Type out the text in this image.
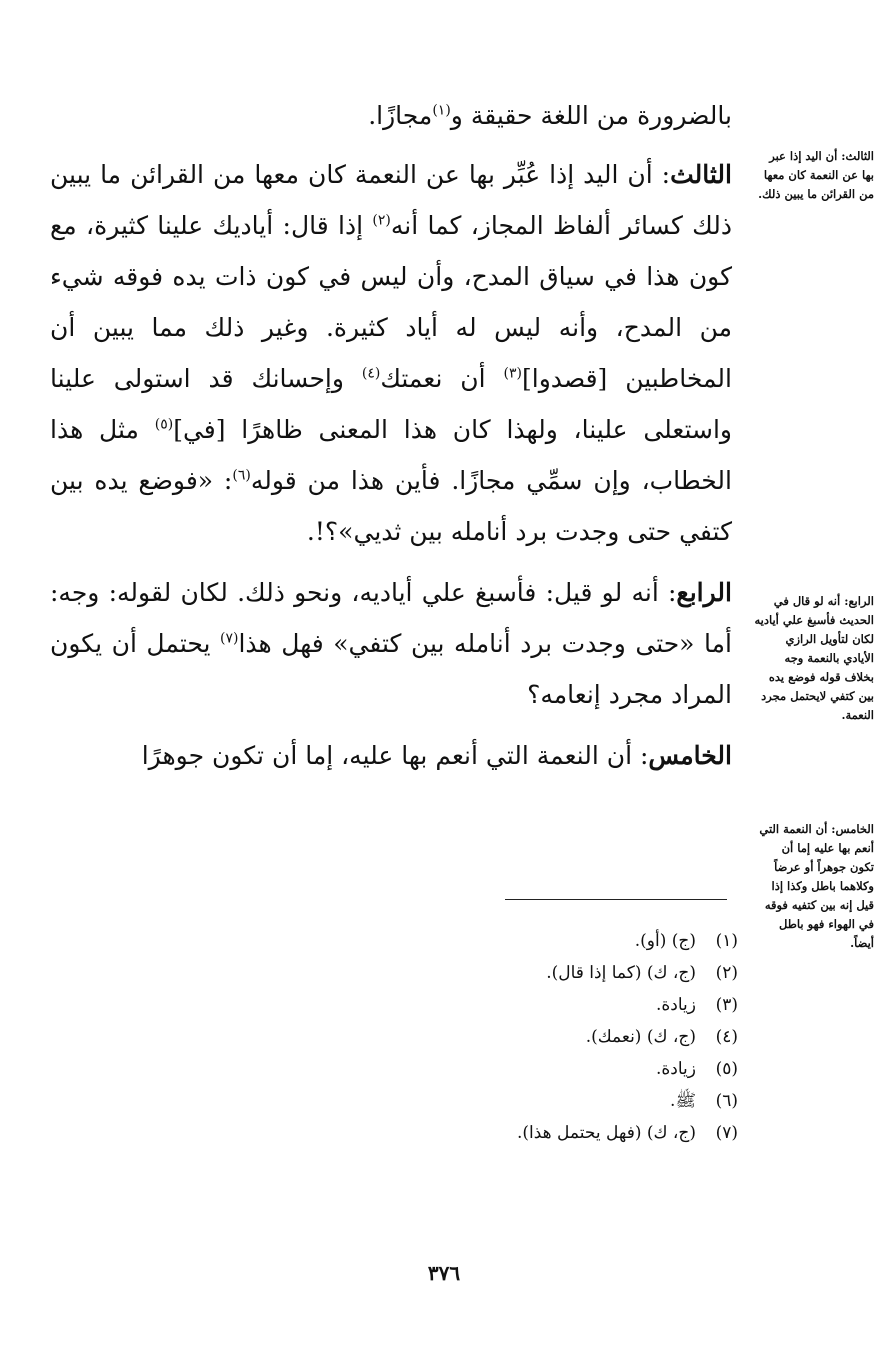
بالضرورة من اللغة حقيقة و$^{(١)}$مجازًا.

الثالث: أن اليد إذا عُبِّر بها عن النعمة كان معها من القرائن ما يبين ذلك كسائر ألفاظ المجاز، كما أنه$^{(٢)}$ إذا قال: أياديك علينا كثيرة، مع كون هذا في سياق المدح، وأن ليس في كون ذات يده فوقه شيء من المدح، وأنه ليس له أياد كثيرة. وغير ذلك مما يبين أن المخاطبين [قصدوا]$^{(٣)}$ أن نعمتك$^{(٤)}$ وإحسانك قد استولى علينا واستعلى علينا، ولهذا كان هذا المعنى ظاهرًا [في]$^{(٥)}$ مثل هذا الخطاب، وإن سمِّي مجازًا. فأين هذا من قوله$^{(٦)}$: «فوضع يده بين كتفي حتى وجدت برد أنامله بين ثديي»؟!.

الرابع: أنه لو قيل: فأسبغ علي أياديه، ونحو ذلك. لكان لقوله: وجه: أما «حتى وجدت برد أنامله بين كتفي» فهل هذا$^{(٧)}$ يحتمل أن يكون المراد مجرد إنعامه؟

الخامس: أن النعمة التي أنعم بها عليه، إما أن تكون جوهرًا

الثالث: أن اليد إذا عبر بها عن النعمة كان معها من القرائن ما يبين ذلك.
الرابع: أنه لو قال في الحديث فأسبغ علي أياديه لكان لتأويل الرازي الأيادي بالنعمة وجه بخلاف قوله فوضع يده بين كتفي لايحتمل مجرد النعمة.
الخامس: أن النعمة التي أنعم بها عليه إما أن تكون جوهراً أو عرضاً وكلاهما باطل وكذا إذا قيل إنه بين كتفيه فوقه في الهواء فهو باطل أيضاً.
(١)
(ج) (أو).
(٢)
(ج، ك) (كما إذا قال).
(٣)
زيادة.
(٤)
(ج، ك) (نعمك).
(٥)
زيادة.
(٦)
ﷺ.
(٧)
(ج، ك) (فهل يحتمل هذا).
٣٧٦
